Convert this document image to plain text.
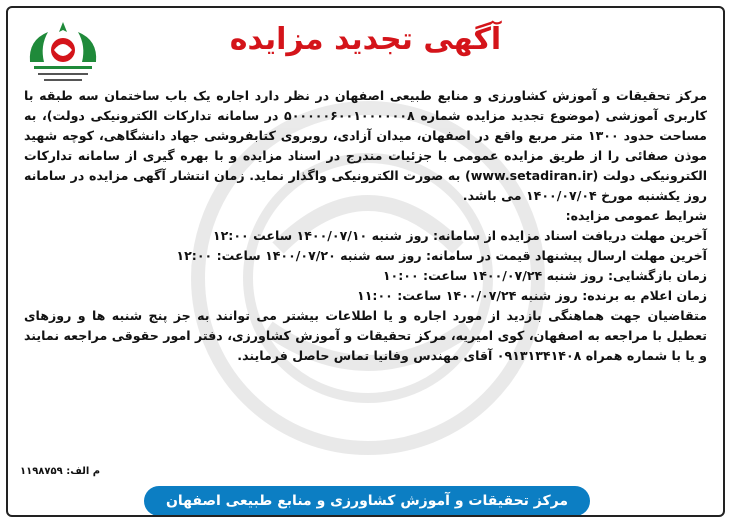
آگهی تجدید مزایده

مرکز تحقیقات و آموزش کشاورزی و منابع طبیعی اصفهان در نظر دارد اجاره یک باب ساختمان سه طبقه با کاربری آموزشی (موضوع تجدید مزایده شماره ۵۰۰۰۰۰۶۰۰۱۰۰۰۰۰۰۸ در سامانه تدارکات الکترونیکی دولت)، به مساحت حدود ۱۳۰۰ متر مربع واقع در اصفهان، میدان آزادی، روبروی کتابفروشی جهاد دانشگاهی، کوچه شهید موذن صفائی را از طریق مزایده عمومی با جزئیات مندرج در اسناد مزایده و با بهره گیری از سامانه تدارکات الکترونیکی دولت (www.setadiran.ir) به صورت الکترونیکی واگذار نماید. زمان انتشار آگهی مزایده در سامانه روز یکشنبه مورخ ۱۴۰۰/۰۷/۰۴ می باشد.

شرایط عمومی مزایده:

آخرین مهلت دریافت اسناد مزایده از سامانه: روز شنبه ۱۴۰۰/۰۷/۱۰ ساعت ۱۲:۰۰

آخرین مهلت ارسال پیشنهاد قیمت در سامانه: روز سه شنبه ۱۴۰۰/۰۷/۲۰ ساعت: ۱۲:۰۰

زمان بازگشایی: روز شنبه ۱۴۰۰/۰۷/۲۴ ساعت: ۱۰:۰۰

زمان اعلام به برنده: روز شنبه ۱۴۰۰/۰۷/۲۴ ساعت: ۱۱:۰۰

متقاضیان جهت هماهنگی بازدید از مورد اجاره و یا اطلاعات بیشتر می توانند به جز پنج شنبه ها و روزهای تعطیل با مراجعه به اصفهان، کوی امیریه، مرکز تحقیقات و آموزش کشاورزی، دفتر امور حقوقی مراجعه نمایند و یا با شماره همراه ۰۹۱۳۱۳۴۱۴۰۸ آقای مهندس وفانیا تماس حاصل فرمایند.

م الف: ۱۱۹۸۷۵۹
مرکز تحقیقات و آموزش کشاورزی و منابع طبیعی اصفهان
